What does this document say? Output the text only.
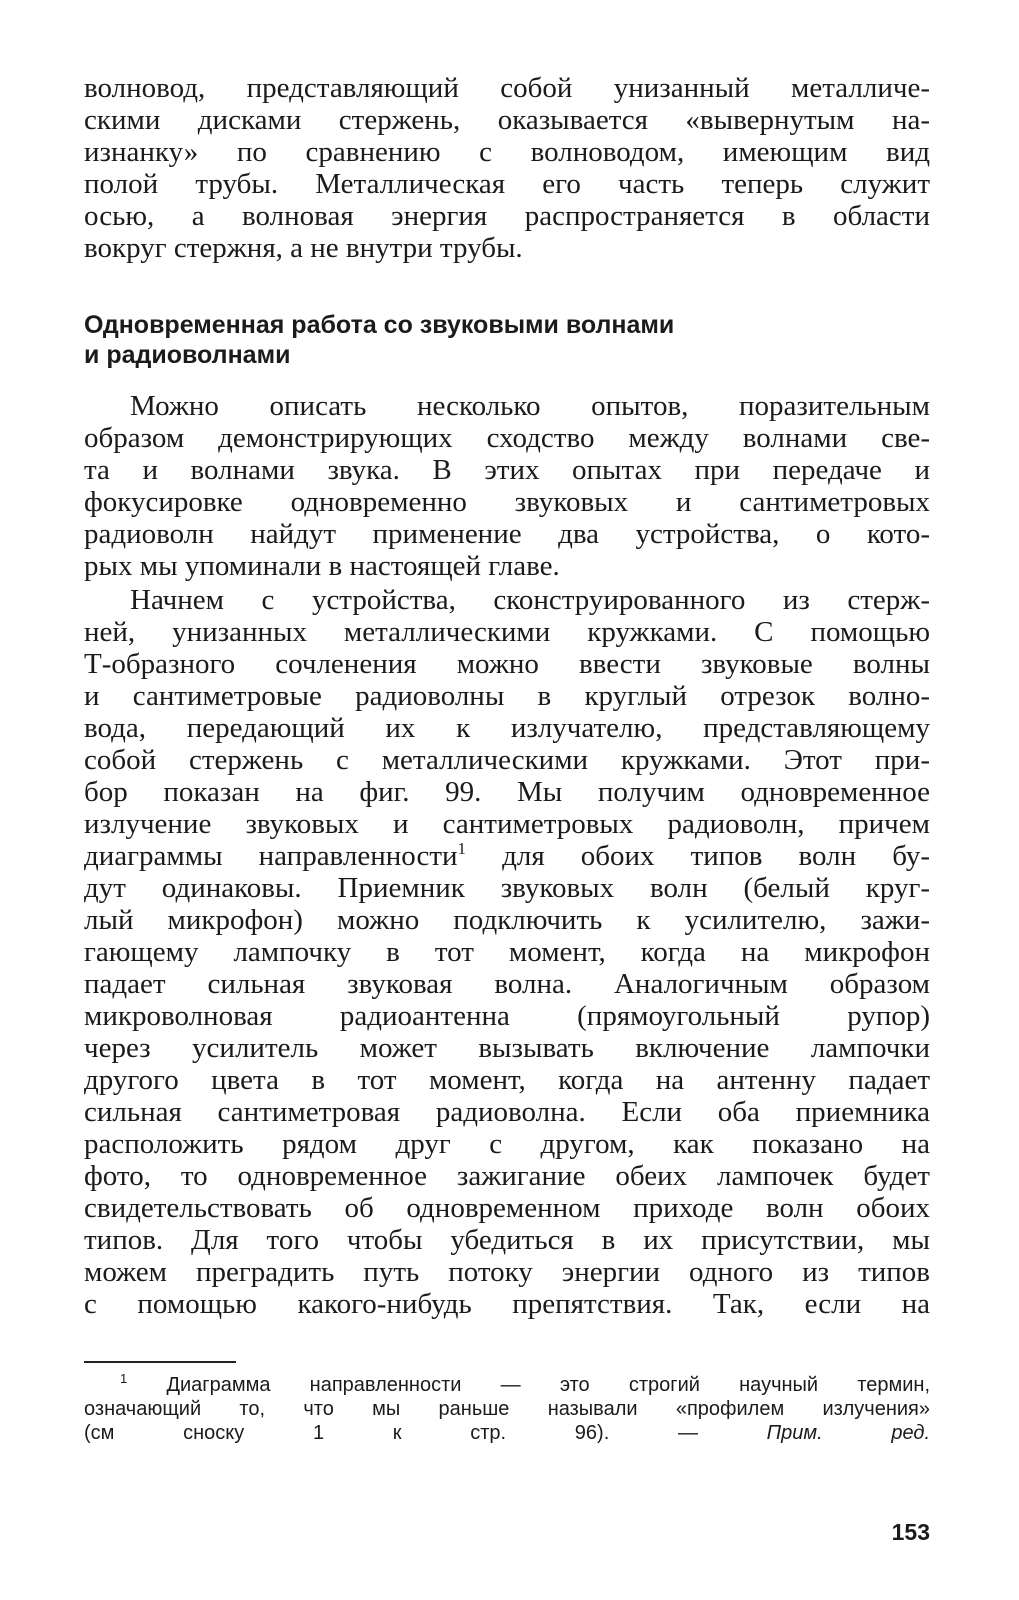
волновод, представляющий собой унизанный металличе-
скими дисками стержень, оказывается «вывернутым на-
изнанку» по сравнению с волноводом, имеющим вид
полой трубы. Металлическая его часть теперь служит
осью, а волновая энергия распространяется в области
вокруг стержня, а не внутри трубы.
Одновременная работа со звуковыми волнами
и радиоволнами
Можно описать несколько опытов, поразительным
образом демонстрирующих сходство между волнами све-
та и волнами звука. В этих опытах при передаче и
фокусировке одновременно звуковых и сантиметровых
радиоволн найдут применение два устройства, о кото-
рых мы упоминали в настоящей главе.
Начнем с устройства, сконструированного из стерж-
ней, унизанных металлическими кружками. С помощью
Т-образного сочленения можно ввести звуковые волны
и сантиметровые радиоволны в круглый отрезок волно-
вода, передающий их к излучателю, представляющему
собой стержень с металлическими кружками. Этот при-
бор показан на фиг. 99. Мы получим одновременное
излучение звуковых и сантиметровых радиоволн, причем
диаграммы направленности$^1$ для обоих типов волн бу-
дут одинаковы. Приемник звуковых волн (белый круг-
лый микрофон) можно подключить к усилителю, зажи-
гающему лампочку в тот момент, когда на микрофон
падает сильная звуковая волна. Аналогичным образом
микроволновая радиоантенна (прямоугольный рупор)
через усилитель может вызывать включение лампочки
другого цвета в тот момент, когда на антенну падает
сильная сантиметровая радиоволна. Если оба приемника
расположить рядом друг с другом, как показано на
фото, то одновременное зажигание обеих лампочек будет
свидетельствовать об одновременном приходе волн обоих
типов. Для того чтобы убедиться в их присутствии, мы
можем преградить путь потоку энергии одного из типов
с помощью какого-нибудь препятствия. Так, если на
$^1$ Диаграмма направленности — это строгий научный термин,
означающий то, что мы раньше называли «профилем излучения»
(см сноску 1 к стр. 96). — Прим. ред.
153
